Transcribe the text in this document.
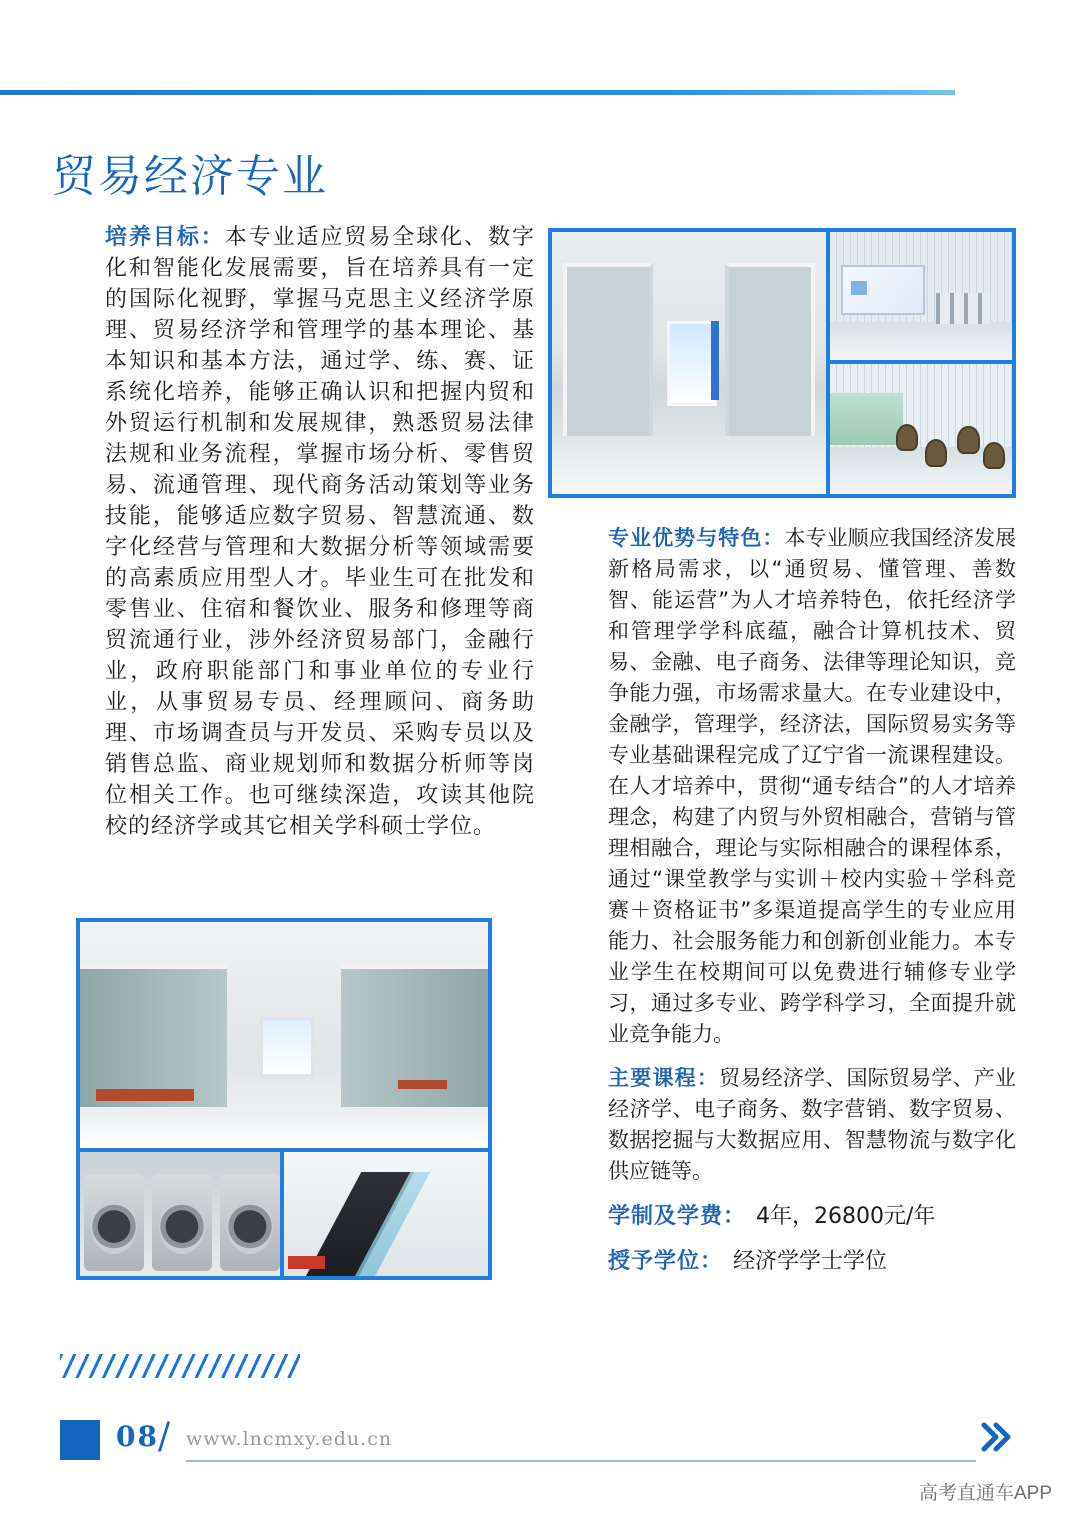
贸易经济专业

培养目标：本专业适应贸易全球化、数字化和智能化发展需要，旨在培养具有一定的国际化视野，掌握马克思主义经济学原理、贸易经济学和管理学的基本理论、基本知识和基本方法，通过学、练、赛、证系统化培养，能够正确认识和把握内贸和外贸运行机制和发展规律，熟悉贸易法律法规和业务流程，掌握市场分析、零售贸易、流通管理、现代商务活动策划等业务技能，能够适应数字贸易、智慧流通、数字化经营与管理和大数据分析等领域需要的高素质应用型人才。毕业生可在批发和零售业、住宿和餐饮业、服务和修理等商贸流通行业，涉外经济贸易部门，金融行业，政府职能部门和事业单位的专业行业，从事贸易专员、经理顾问、商务助理、市场调查员与开发员、采购专员以及销售总监、商业规划师和数据分析师等岗位相关工作。也可继续深造，攻读其他院校的经济学或其它相关学科硕士学位。

专业优势与特色：本专业顺应我国经济发展新格局需求，以“通贸易、懂管理、善数智、能运营”为人才培养特色，依托经济学和管理学学科底蕴，融合计算机技术、贸易、金融、电子商务、法律等理论知识，竞争能力强，市场需求量大。在专业建设中，金融学，管理学，经济法，国际贸易实务等专业基础课程完成了辽宁省一流课程建设。在人才培养中，贯彻“通专结合”的人才培养理念，构建了内贸与外贸相融合，营销与管理相融合，理论与实际相融合的课程体系，通过“课堂教学与实训＋校内实验＋学科竞赛＋资格证书”多渠道提高学生的专业应用能力、社会服务能力和创新创业能力。本专业学生在校期间可以免费进行辅修专业学习，通过多专业、跨学科学习，全面提升就业竞争能力。

主要课程：贸易经济学、国际贸易学、产业经济学、电子商务、数字营销、数字贸易、数据挖掘与大数据应用、智慧物流与数字化供应链等。

学制及学费： 4年，26800元/年

授予学位： 经济学学士学位

08 / www.lncmxy.edu.cn
高考直通车APP
